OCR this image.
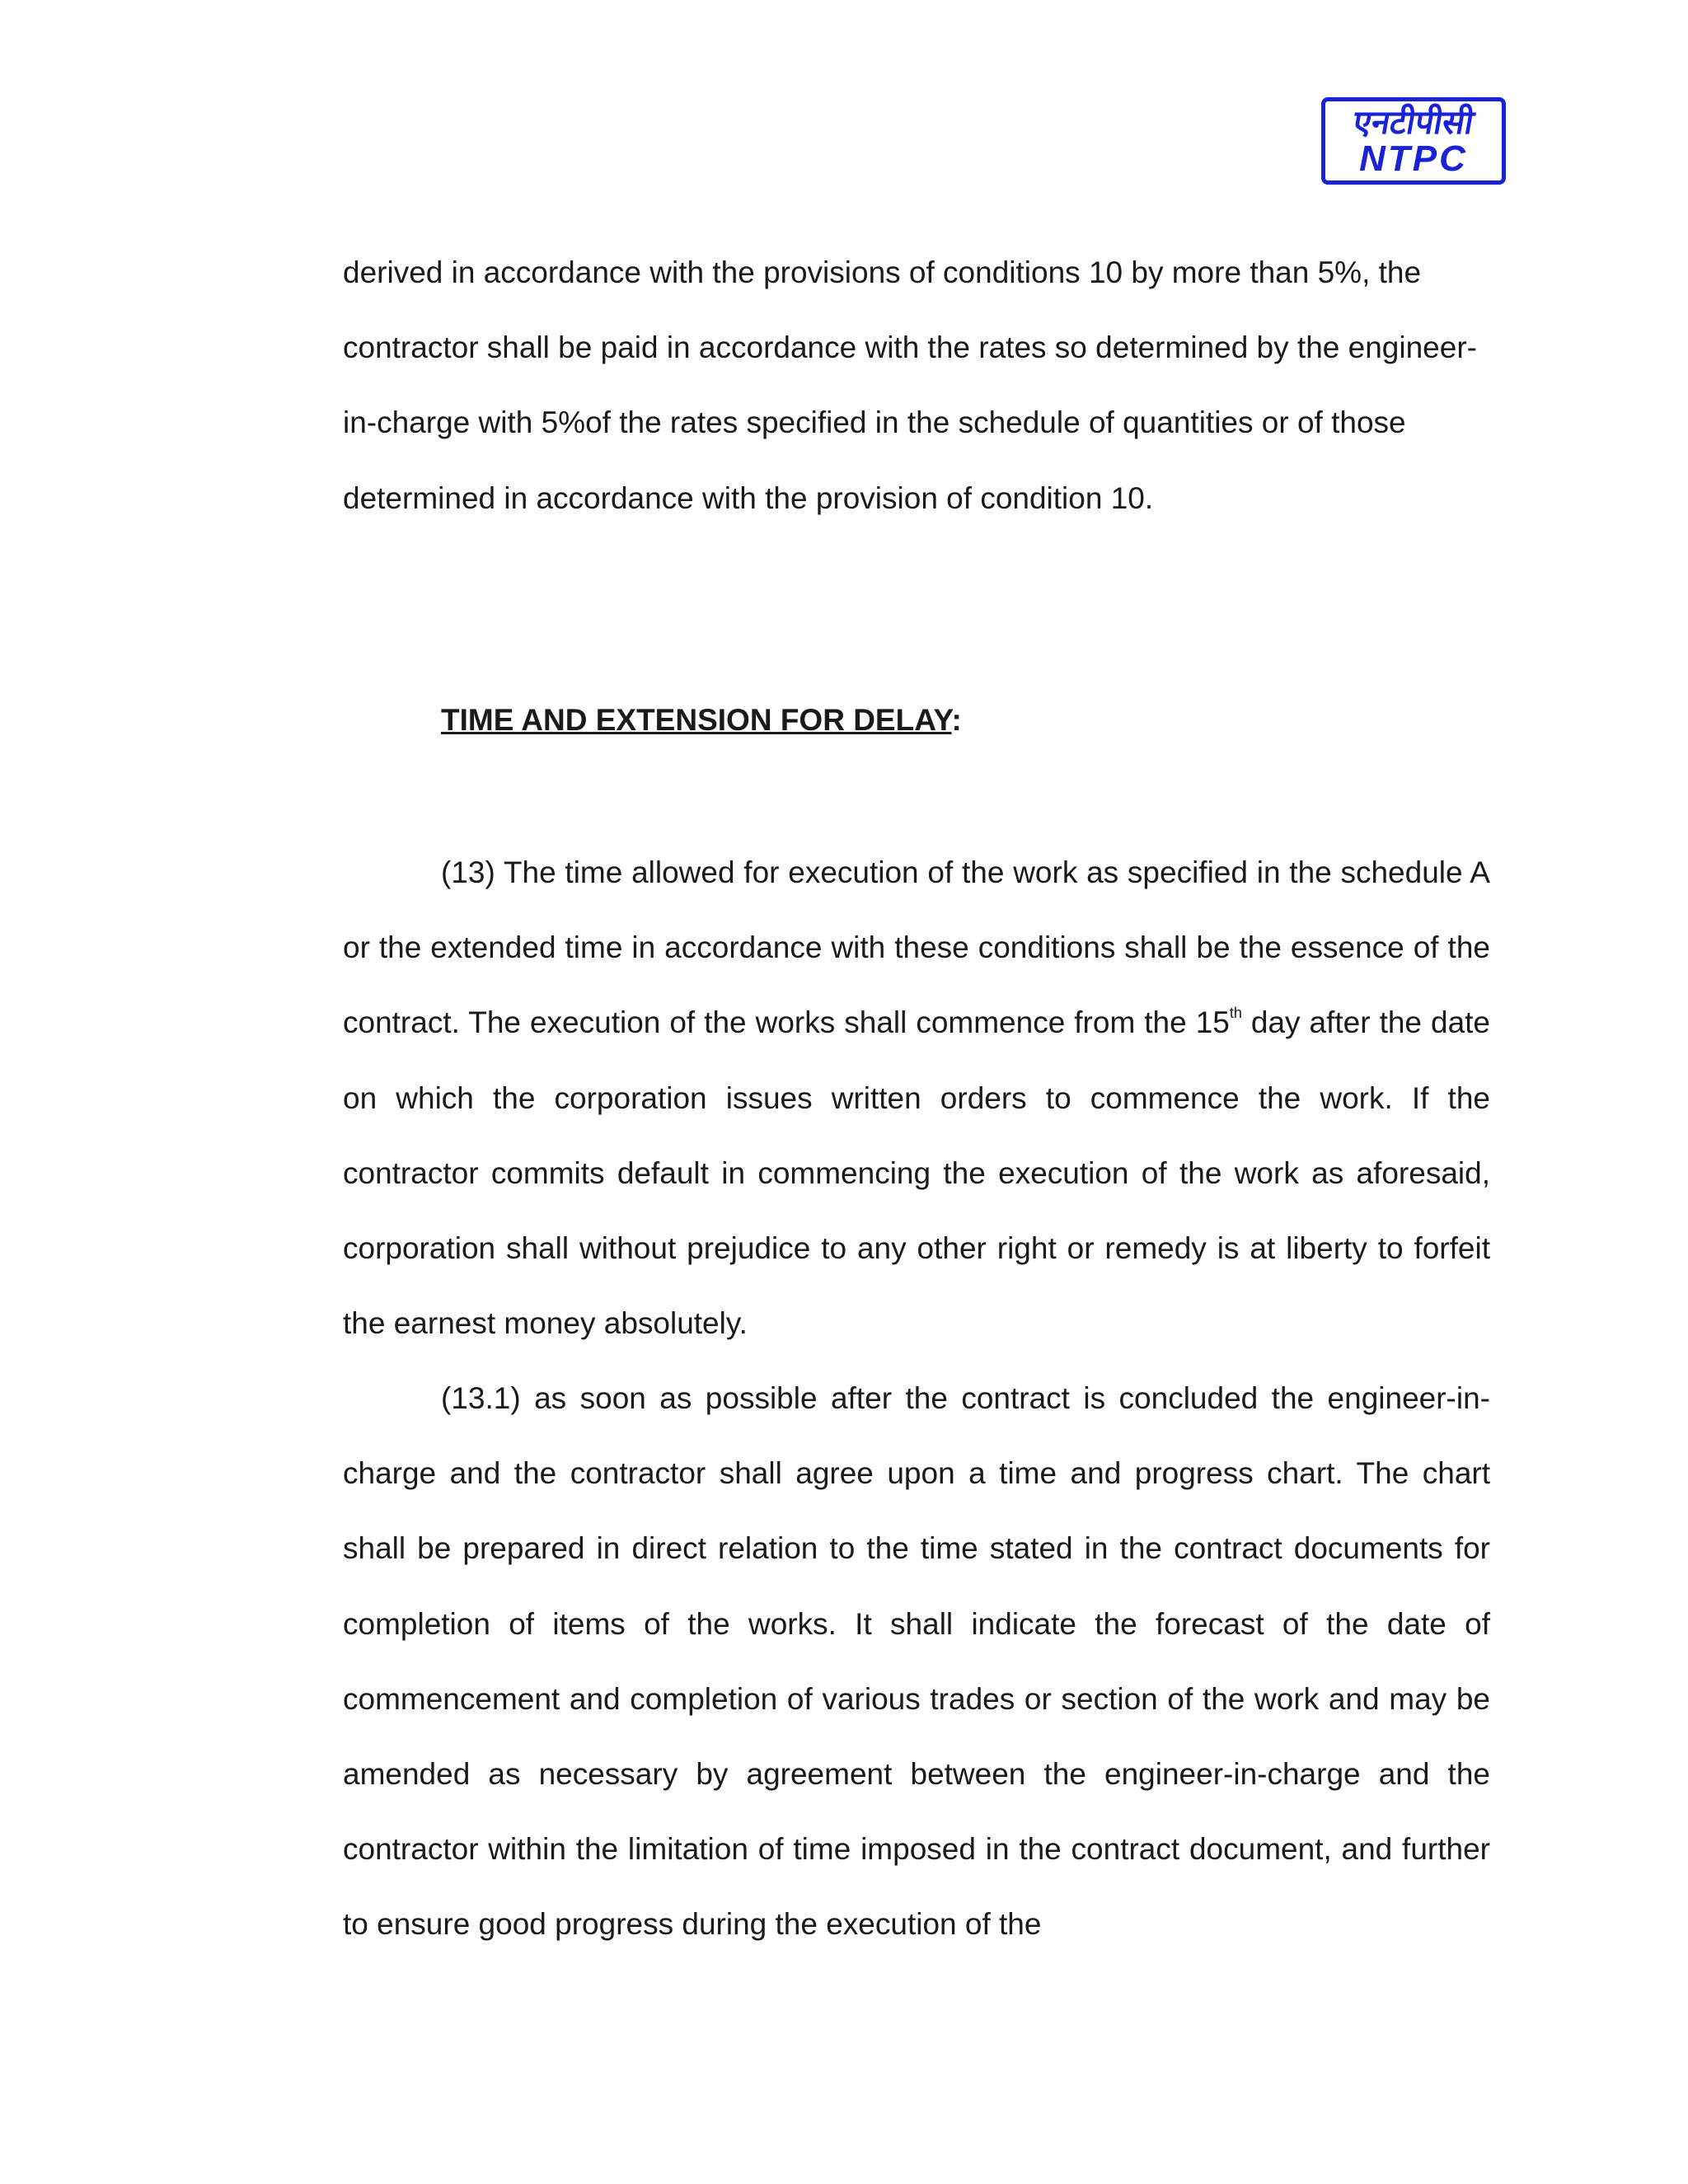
एनटीपीसी
NTPC

derived in accordance with the provisions of conditions 10 by more than 5%, the contractor shall be paid in accordance with the rates so determined by the engineer-in-charge with 5%of the rates specified in the schedule of quantities or of those determined in accordance with the provision of condition 10.

TIME AND EXTENSION FOR DELAY:

(13) The time allowed for execution of the work as specified in the schedule A or the extended time in accordance with these conditions shall be the essence of the contract. The execution of the works shall commence from the 15th day after the date on which the corporation issues written orders to commence the work. If the contractor commits default in commencing the execution of the work as aforesaid, corporation shall without prejudice to any other right or remedy is at liberty to forfeit the earnest money absolutely.

(13.1) as soon as possible after the contract is concluded the engineer-in-charge and the contractor shall agree upon a time and progress chart. The chart shall be prepared in direct relation to the time stated in the contract documents for completion of items of the works. It shall indicate the forecast of the date of commencement and completion of various trades or section of the work and may be amended as necessary by agreement between the engineer-in-charge and the contractor within the limitation of time imposed in the contract document, and further to ensure good progress during the execution of the
